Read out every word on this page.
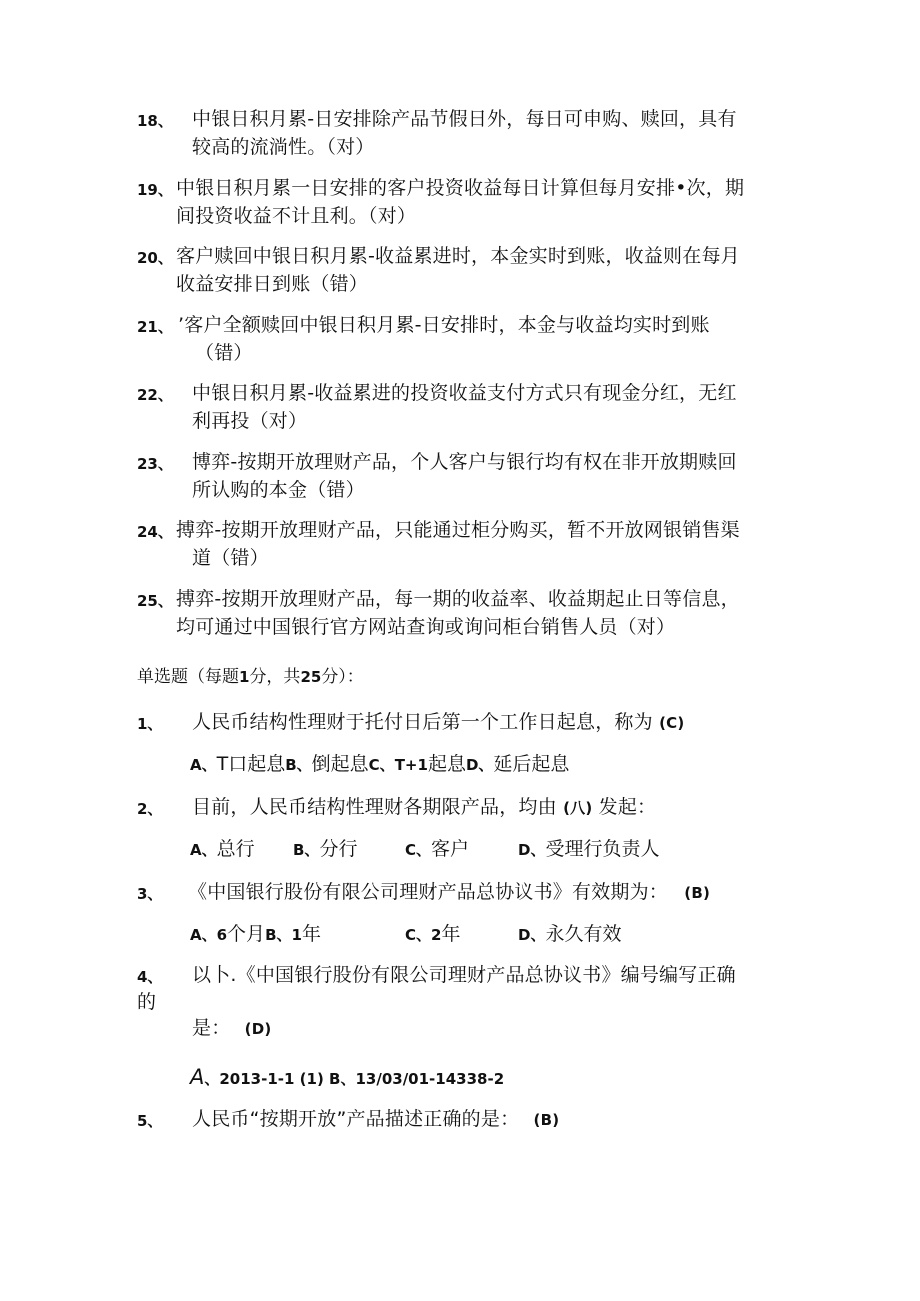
18、 中银日积月累-日安排除产品节假日外，每日可申购、赎回，具有
较高的流淌性。（对）
19、 中银日积月累一日安排的客户投资收益每日计算但每月安排•次，期
间投资收益不计且利。（对）
20、 客户赎回中银日积月累-收益累进时，本金实时到账，收益则在每月
收益安排日到账（错）
21、 ’客户全额赎回中银日积月累-日安排时，本金与收益均实时到账
（错）
22、 中银日积月累-收益累进的投资收益支付方式只有现金分红，无红
利再投（对）
23、 博弈-按期开放理财产品，个人客户与银行均有权在非开放期赎回
所认购的本金（错）
24、 搏弈-按期开放理财产品，只能通过柜分购买，暂不开放网银销售渠
道（错）
25、 搏弈-按期开放理财产品，每一期的收益率、收益期起止日等信息，
均可通过中国银行官方网站查询或询问柜台销售人员（对）
单选题（每题1分，共25分）：
1、 人民币结构性理财于托付日后第一个工作日起息，称为 (C)
A、T口起息B、倒起息C、T+1起息D、延后起息
2、 目前，人民币结构性理财各期限产品，均由 (八) 发起：
A、总行	B、分行	C、客户	D、受理行负责人
3、 《中国银行股份有限公司理财产品总协议书》有效期为： (B)
A、6个月B、1年	C、2年	D、永久有效
4、 以卜.《中国银行股份有限公司理财产品总协议书》编号编写正确
的
是： (D)
A、2013-1-1 (1) B、13/03/01-14338-2
5、 人民币“按期开放”产品描述正确的是： (B)
